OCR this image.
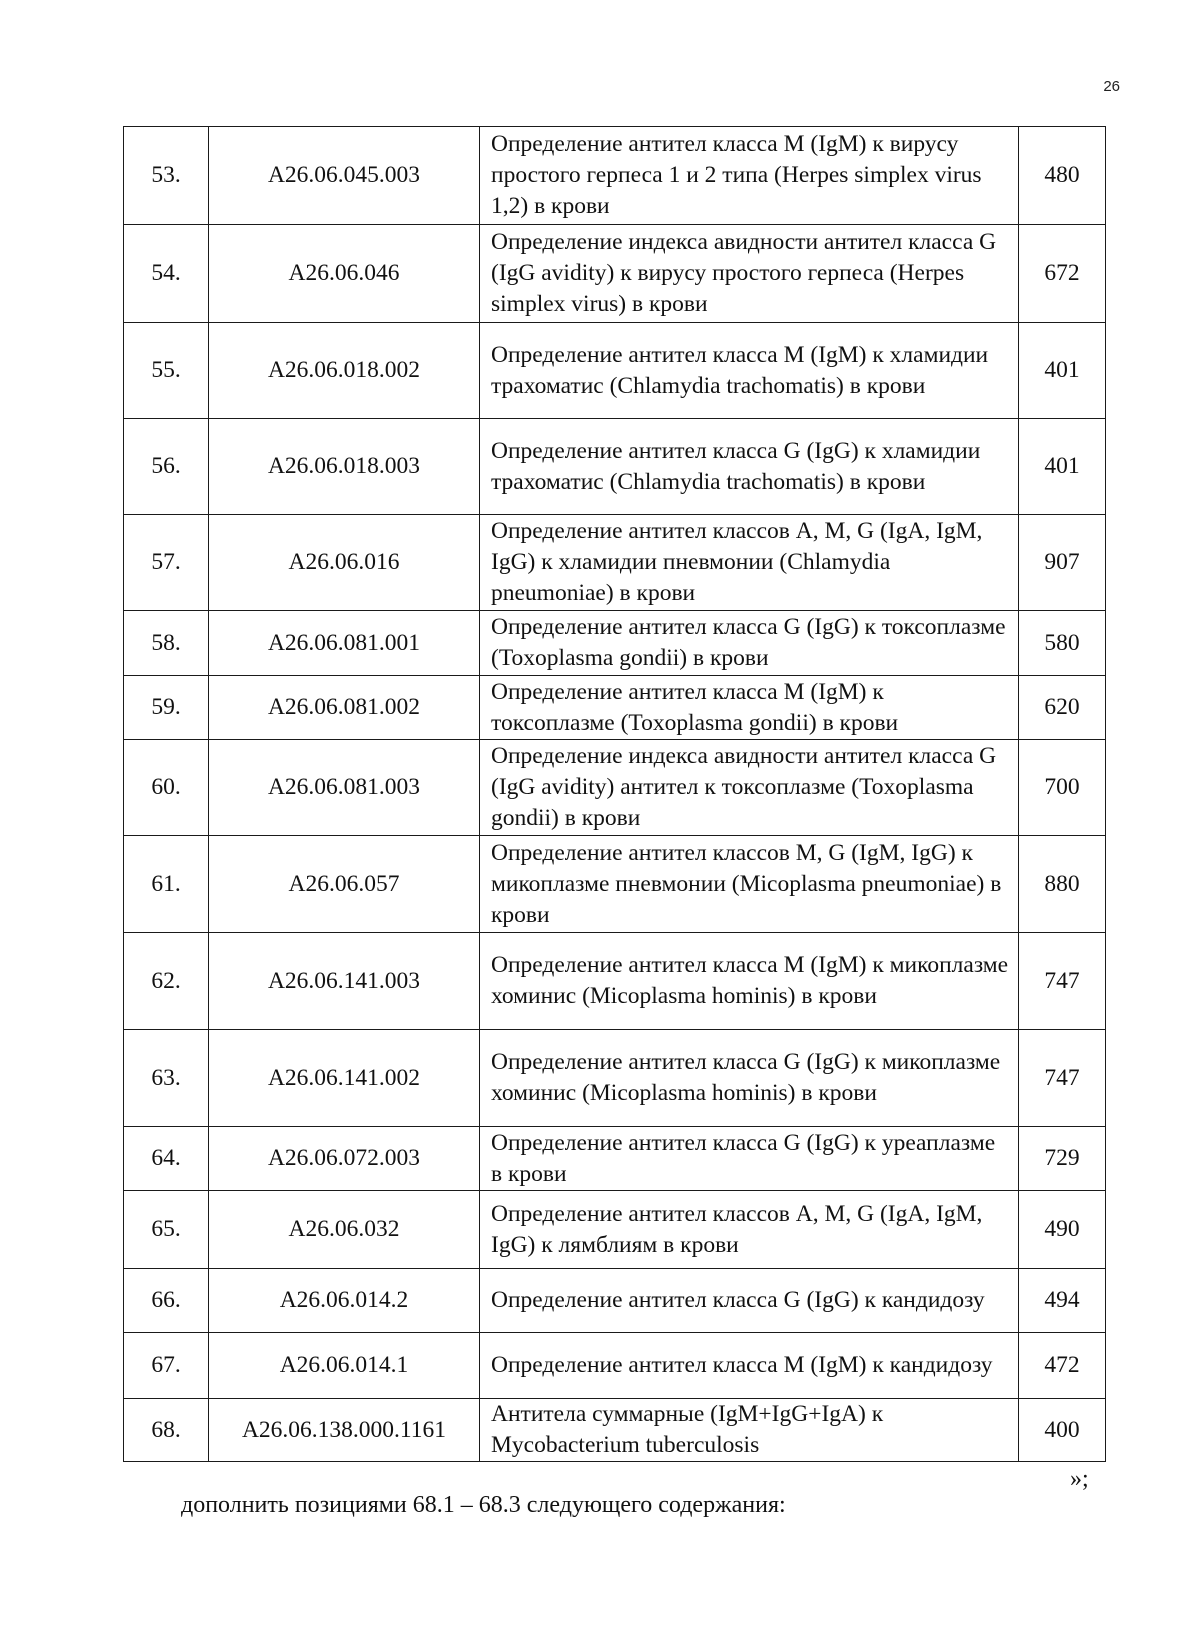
26
53.	A26.06.045.003	Определение антител класса M (IgM) к вирусу простого герпеса 1 и 2 типа (Herpes simplex virus 1,2) в крови	480
54.	A26.06.046	Определение индекса авидности антител класса G (IgG avidity) к вирусу простого герпеса (Herpes simplex virus) в крови	672
55.	A26.06.018.002	Определение антител класса M (IgM) к хламидии трахоматис (Chlamydia trachomatis) в крови	401
56.	A26.06.018.003	Определение антител класса G (IgG) к хламидии трахоматис (Chlamydia trachomatis) в крови	401
57.	A26.06.016	Определение антител классов A, M, G (IgA, IgM, IgG) к хламидии пневмонии (Chlamydia pneumoniae) в крови	907
58.	A26.06.081.001	Определение антител класса G (IgG) к токсоплазме (Toxoplasma gondii) в крови	580
59.	A26.06.081.002	Определение антител класса M (IgM) к токсоплазме (Toxoplasma gondii) в крови	620
60.	A26.06.081.003	Определение индекса авидности антител класса G (IgG avidity) антител к токсоплазме (Toxoplasma gondii) в крови	700
61.	A26.06.057	Определение антител классов M, G (IgM, IgG) к микоплазме пневмонии (Micoplasma pneumoniae) в крови	880
62.	A26.06.141.003	Определение антител класса M (IgM) к микоплазме хоминис (Micoplasma hominis) в крови	747
63.	A26.06.141.002	Определение антител класса G (IgG) к микоплазме хоминис (Micoplasma hominis) в крови	747
64.	A26.06.072.003	Определение антител класса G (IgG) к уреаплазме в крови	729
65.	A26.06.032	Определение антител классов A, M, G (IgA, IgM, IgG) к лямблиям в крови	490
66.	A26.06.014.2	Определение антител класса G (IgG) к кандидозу	494
67.	A26.06.014.1	Определение антител класса M (IgM) к кандидозу	472
68.	A26.06.138.000.1161	Антитела суммарные (IgM+IgG+IgA) к Mycobacterium tuberculosis	400
»;
дополнить позициями 68.1 – 68.3 следующего содержания:
